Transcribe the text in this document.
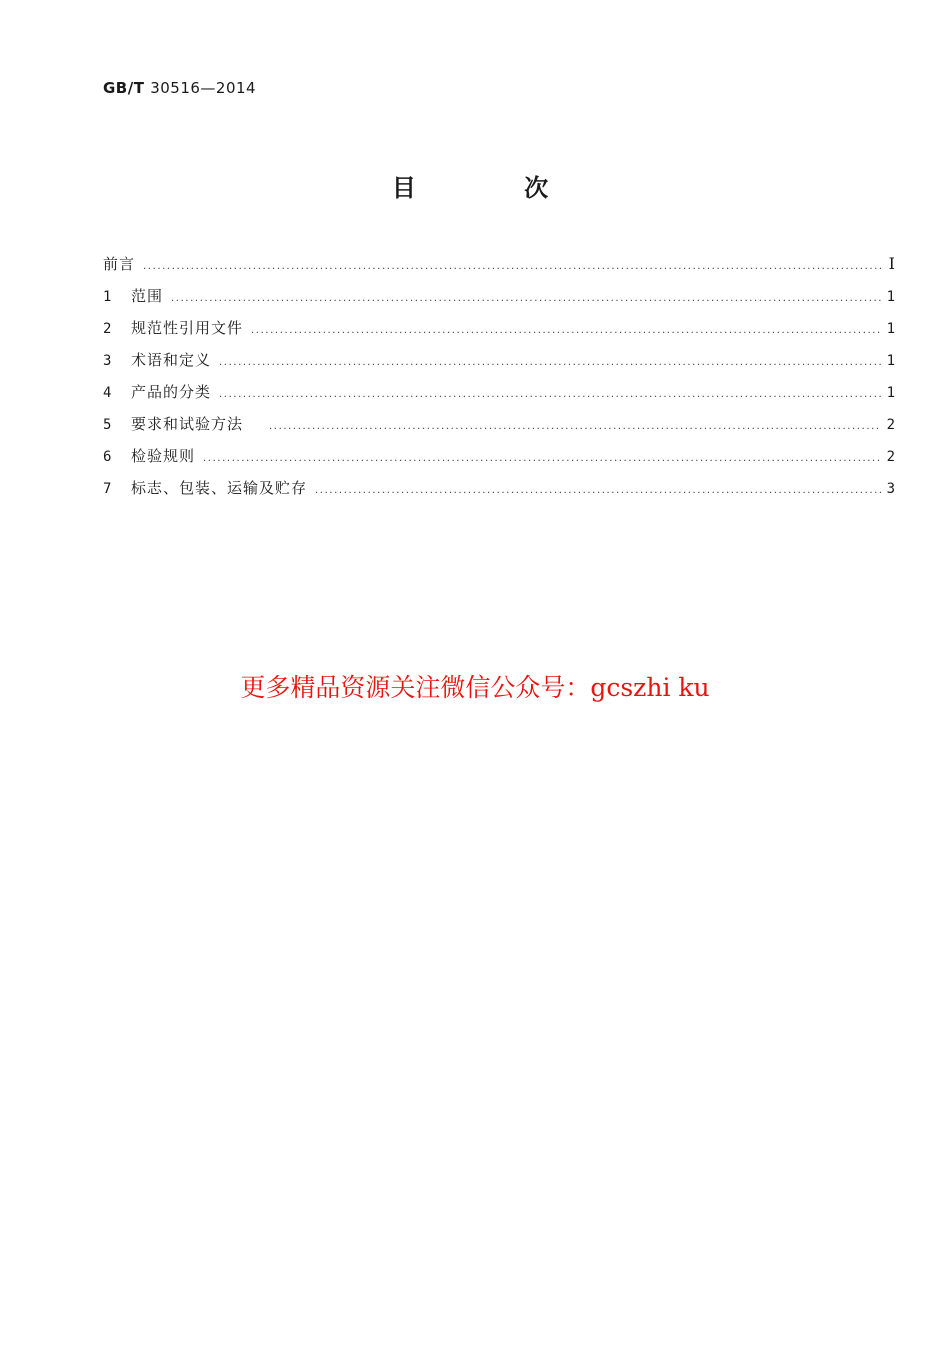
GB/T 30516—2014
目 次
前言 .....	Ⅰ
1	范围 .....	1
2	规范性引用文件 .....	1
3	术语和定义 .....	1
4	产品的分类 .....	1
5	要求和试验方法 .....	2
6	检验规则 .....	2
7	标志、包装、运输及贮存 .....	3
更多精品资源关注微信公众号：gcszhi ku
